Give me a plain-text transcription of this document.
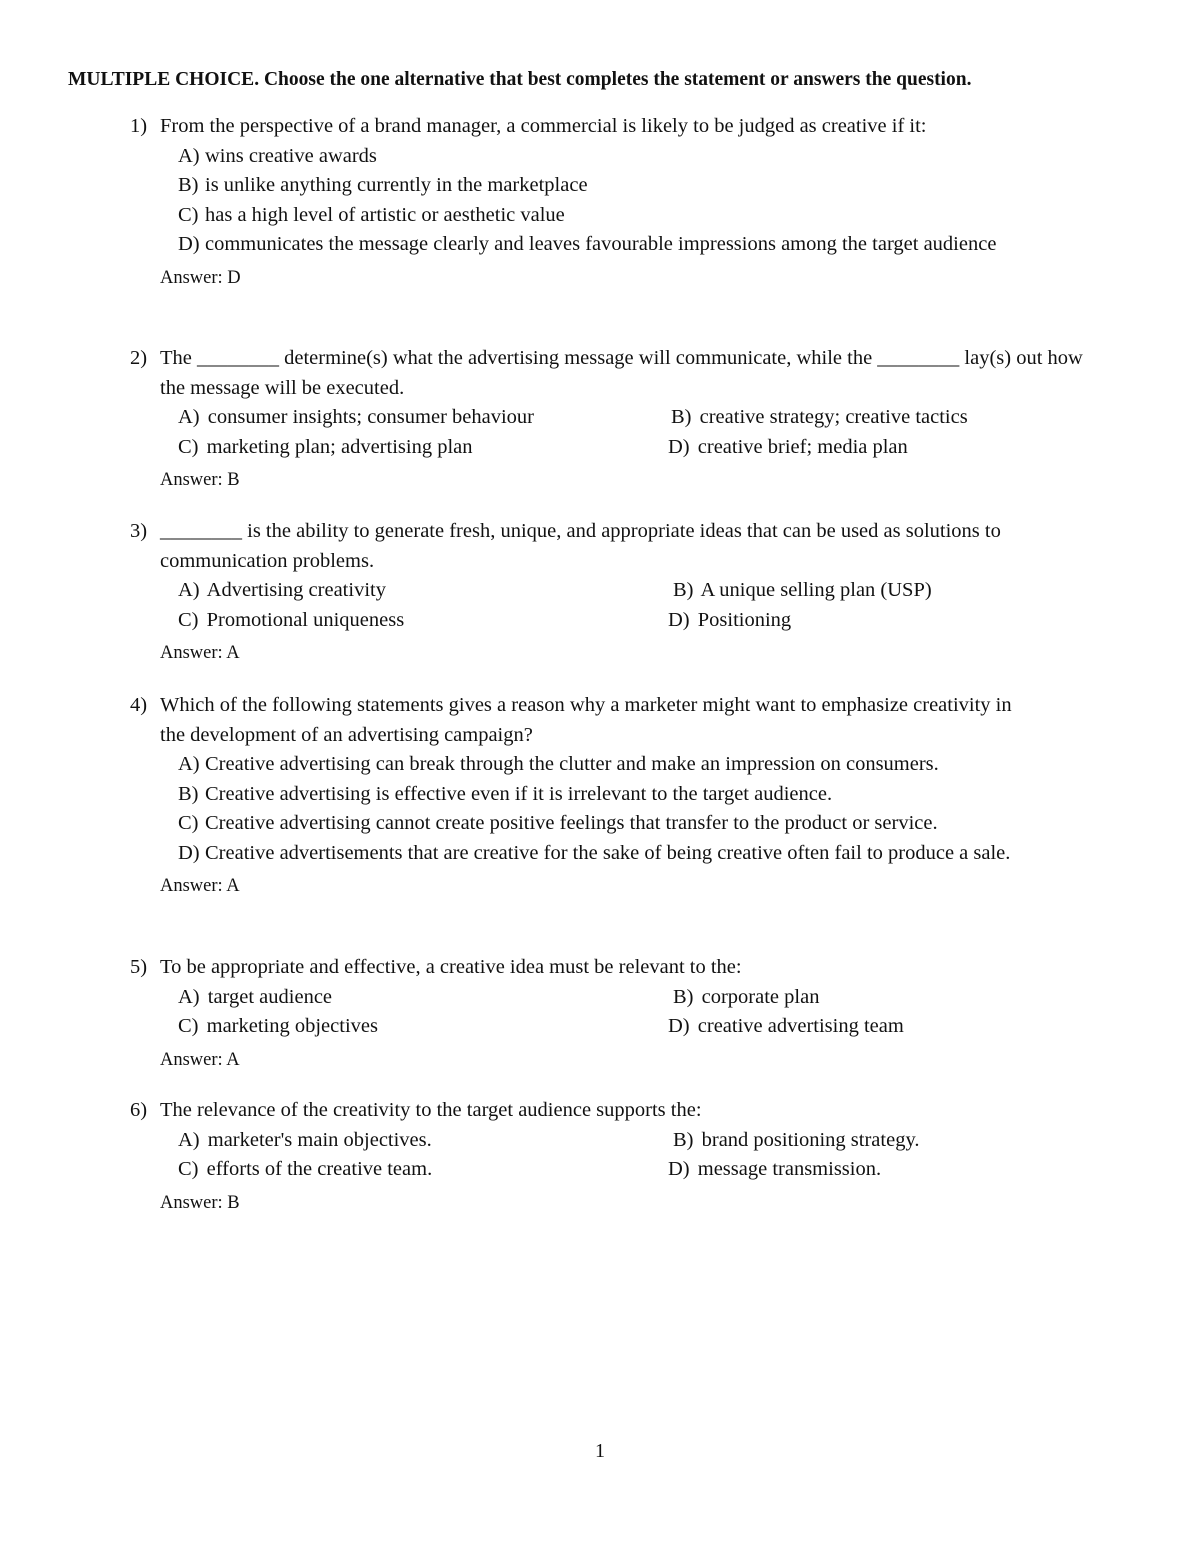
MULTIPLE CHOICE. Choose the one alternative that best completes the statement or answers the question.
1) From the perspective of a brand manager, a commercial is likely to be judged as creative if it:
A) wins creative awards
B) is unlike anything currently in the marketplace
C) has a high level of artistic or aesthetic value
D) communicates the message clearly and leaves favourable impressions among the target audience
Answer: D
2) The ________ determine(s) what the advertising message will communicate, while the ________ lay(s) out how the message will be executed.
A) consumer insights; consumer behaviour	B) creative strategy; creative tactics
C) marketing plan; advertising plan	D) creative brief; media plan
Answer: B
3) ________ is the ability to generate fresh, unique, and appropriate ideas that can be used as solutions to communication problems.
A) Advertising creativity	B) A unique selling plan (USP)
C) Promotional uniqueness	D) Positioning
Answer: A
4) Which of the following statements gives a reason why a marketer might want to emphasize creativity in the development of an advertising campaign?
A) Creative advertising can break through the clutter and make an impression on consumers.
B) Creative advertising is effective even if it is irrelevant to the target audience.
C) Creative advertising cannot create positive feelings that transfer to the product or service.
D) Creative advertisements that are creative for the sake of being creative often fail to produce a sale.
Answer: A
5) To be appropriate and effective, a creative idea must be relevant to the:
A) target audience	B) corporate plan
C) marketing objectives	D) creative advertising team
Answer: A
6) The relevance of the creativity to the target audience supports the:
A) marketer's main objectives.	B) brand positioning strategy.
C) efforts of the creative team.	D) message transmission.
Answer: B
1
